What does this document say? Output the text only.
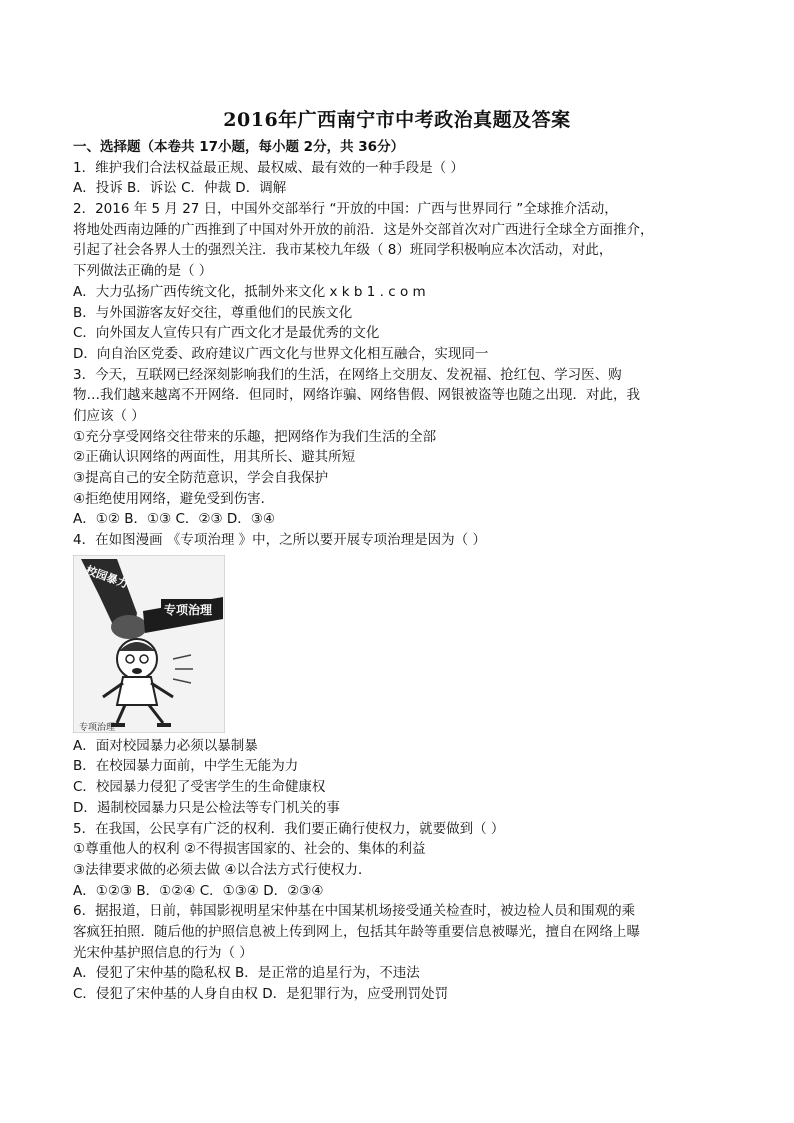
2016年广西南宁市中考政治真题及答案
一、选择题（本卷共 17小题，每小题 2分，共 36分）
1．维护我们合法权益最正规、最权威、最有效的一种手段是（ ）
A．投诉 B．诉讼 C．仲裁 D．调解
2．2016 年 5 月 27 日，中国外交部举行 “开放的中国：广西与世界同行 ”全球推介活动，
将地处西南边陲的广西推到了中国对外开放的前沿．这是外交部首次对广西进行全球全方面推介，
引起了社会各界人士的强烈关注．我市某校九年级（ 8）班同学积极响应本次活动，对此，
下列做法正确的是（ ）
A．大力弘扬广西传统文化，抵制外来文化 x k b 1 . c o m
B．与外国游客友好交往，尊重他们的民族文化
C．向外国友人宣传只有广西文化才是最优秀的文化
D．向自治区党委、政府建议广西文化与世界文化相互融合，实现同一
3．今天，互联网已经深刻影响我们的生活，在网络上交朋友、发祝福、抢红包、学习医、购
物…我们越来越离不开网络．但同时，网络诈骗、网络售假、网银被盗等也随之出现．对此，我
们应该（ ）
①充分享受网络交往带来的乐趣，把网络作为我们生活的全部
②正确认识网络的两面性，用其所长、避其所短
③提高自己的安全防范意识，学会自我保护
④拒绝使用网络，避免受到伤害．
A．①② B．①③ C．②③ D．③④
4．在如图漫画 《专项治理 》中，之所以要开展专项治理是因为（ ）
校园暴力
专项治理
专项治理
A．面对校园暴力必须以暴制暴
B．在校园暴力面前，中学生无能为力
C．校园暴力侵犯了受害学生的生命健康权
D．遏制校园暴力只是公检法等专门机关的事
5．在我国，公民享有广泛的权利．我们要正确行使权力，就要做到（ ）
①尊重他人的权利 ②不得损害国家的、社会的、集体的利益
③法律要求做的必须去做 ④以合法方式行使权力．
A．①②③ B．①②④ C．①③④ D．②③④
6．据报道，日前，韩国影视明星宋仲基在中国某机场接受通关检查时，被边检人员和围观的乘
客疯狂拍照．随后他的护照信息被上传到网上，包括其年龄等重要信息被曝光，擅自在网络上曝
光宋仲基护照信息的行为（ ）
A．侵犯了宋仲基的隐私权 B．是正常的追星行为，不违法
C．侵犯了宋仲基的人身自由权 D．是犯罪行为，应受刑罚处罚
